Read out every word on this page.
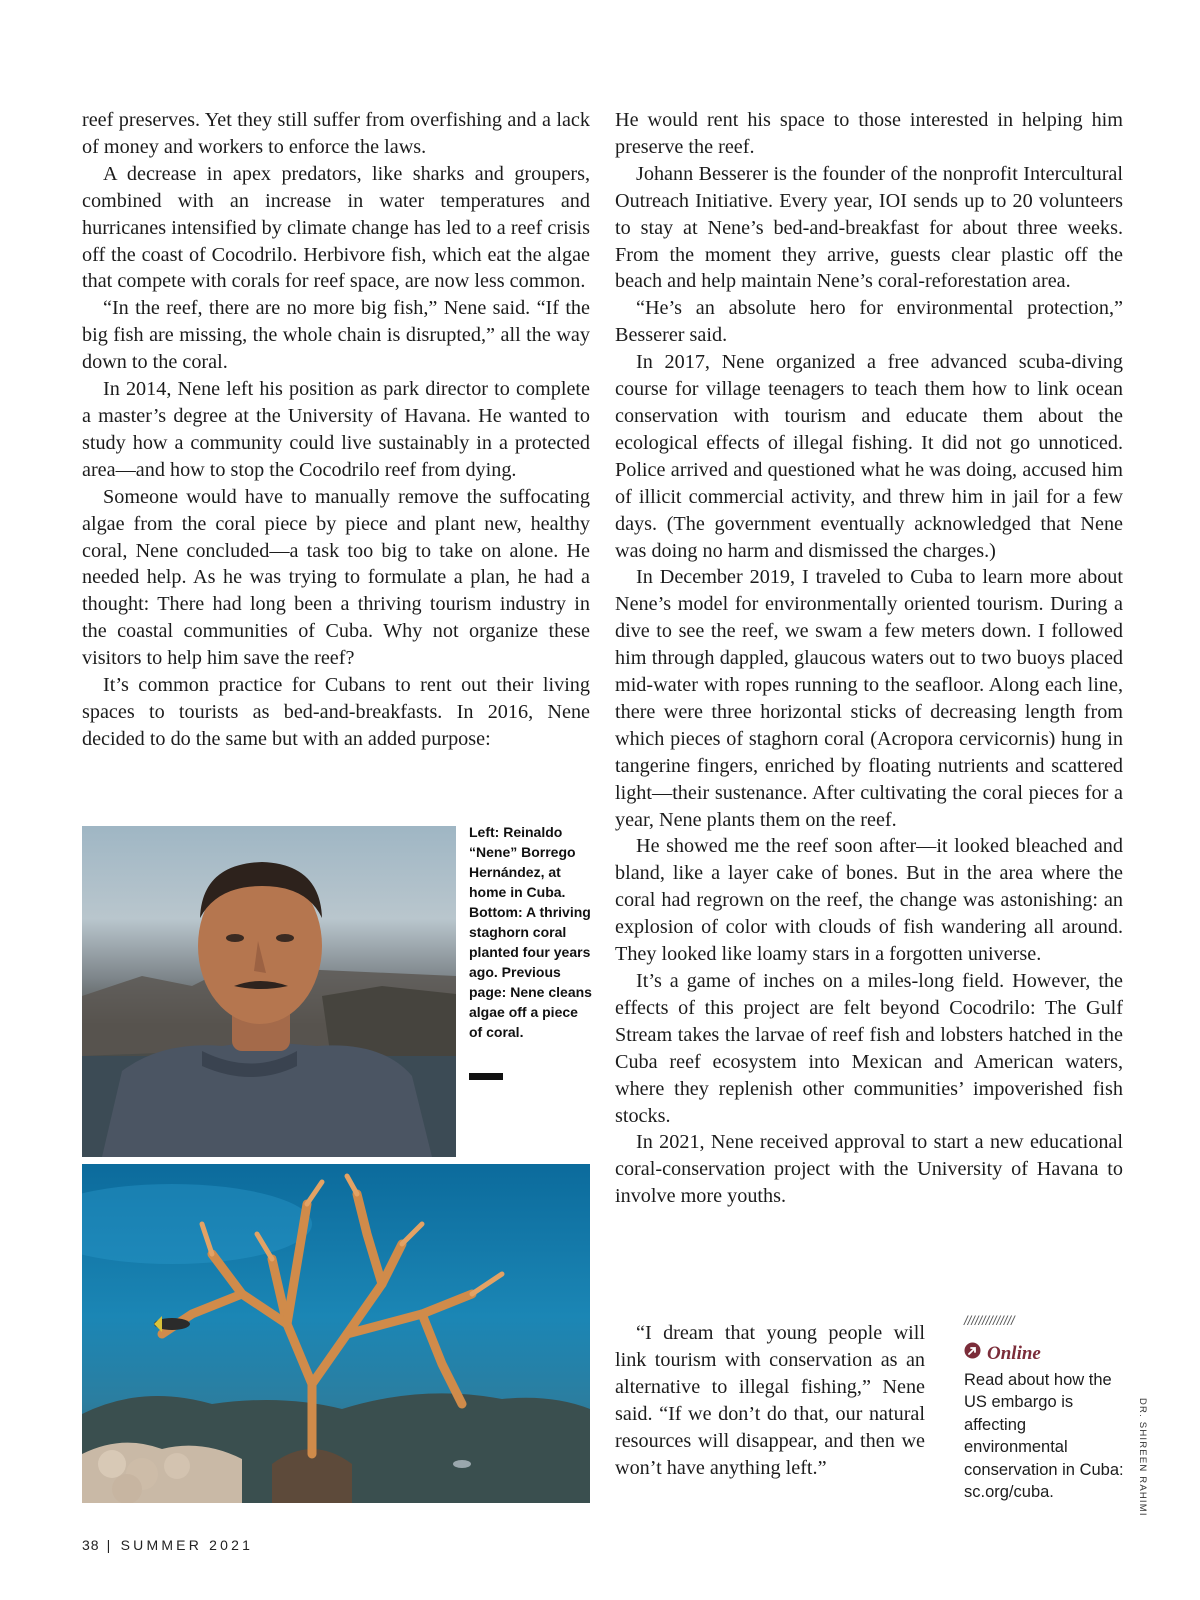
reef preserves. Yet they still suffer from overfishing and a lack of money and workers to enforce the laws.

A decrease in apex predators, like sharks and groupers, combined with an increase in water temperatures and hurricanes intensified by climate change has led to a reef crisis off the coast of Cocodrilo. Herbivore fish, which eat the algae that compete with corals for reef space, are now less common.

“In the reef, there are no more big fish,” Nene said. “If the big fish are missing, the whole chain is disrupted,” all the way down to the coral.

In 2014, Nene left his position as park director to complete a master’s degree at the University of Havana. He wanted to study how a community could live sustainably in a protected area—and how to stop the Cocodrilo reef from dying.

Someone would have to manually remove the suffocating algae from the coral piece by piece and plant new, healthy coral, Nene concluded—a task too big to take on alone. He needed help. As he was trying to formulate a plan, he had a thought: There had long been a thriving tourism industry in the coastal communities of Cuba. Why not organize these visitors to help him save the reef?

It’s common practice for Cubans to rent out their living spaces to tourists as bed-and-breakfasts. In 2016, Nene decided to do the same but with an added purpose:

Left: Reinaldo “Nene” Borrego Hernández, at home in Cuba. Bottom: A thriving staghorn coral planted four years ago. Previous page: Nene cleans algae off a piece of coral.

He would rent his space to those interested in helping him preserve the reef.

Johann Besserer is the founder of the nonprofit Intercultural Outreach Initiative. Every year, IOI sends up to 20 volunteers to stay at Nene’s bed-and-breakfast for about three weeks. From the moment they arrive, guests clear plastic off the beach and help maintain Nene’s coral-reforestation area.

“He’s an absolute hero for environmental protection,” Besserer said.

In 2017, Nene organized a free advanced scuba-diving course for village teenagers to teach them how to link ocean conservation with tourism and educate them about the ecological effects of illegal fishing. It did not go unnoticed. Police arrived and questioned what he was doing, accused him of illicit commercial activity, and threw him in jail for a few days. (The government eventually acknowledged that Nene was doing no harm and dismissed the charges.)

In December 2019, I traveled to Cuba to learn more about Nene’s model for environmentally oriented tourism. During a dive to see the reef, we swam a few meters down. I followed him through dappled, glaucous waters out to two buoys placed mid-water with ropes running to the seafloor. Along each line, there were three horizontal sticks of decreasing length from which pieces of staghorn coral (Acropora cervicornis) hung in tangerine fingers, enriched by floating nutrients and scattered light—their sustenance. After cultivating the coral pieces for a year, Nene plants them on the reef.

He showed me the reef soon after—it looked bleached and bland, like a layer cake of bones. But in the area where the coral had regrown on the reef, the change was astonishing: an explosion of color with clouds of fish wandering all around. They looked like loamy stars in a forgotten universe.

It’s a game of inches on a miles-long field. However, the effects of this project are felt beyond Cocodrilo: The Gulf Stream takes the larvae of reef fish and lobsters hatched in the Cuba reef ecosystem into Mexican and American waters, where they replenish other communities’ impoverished fish stocks.

In 2021, Nene received approval to start a new educational coral-conservation project with the University of Havana to involve more youths.

“I dream that young people will link tourism with conservation as an alternative to illegal fishing,” Nene said. “If we don’t do that, our natural resources will disappear, and then we won’t have anything left.”

//////////////
Online
Read about how the US embargo is affecting environmental conservation in Cuba: sc.org/cuba.	DR. SHIREEN RAHIMI
38 | SUMMER 2021
